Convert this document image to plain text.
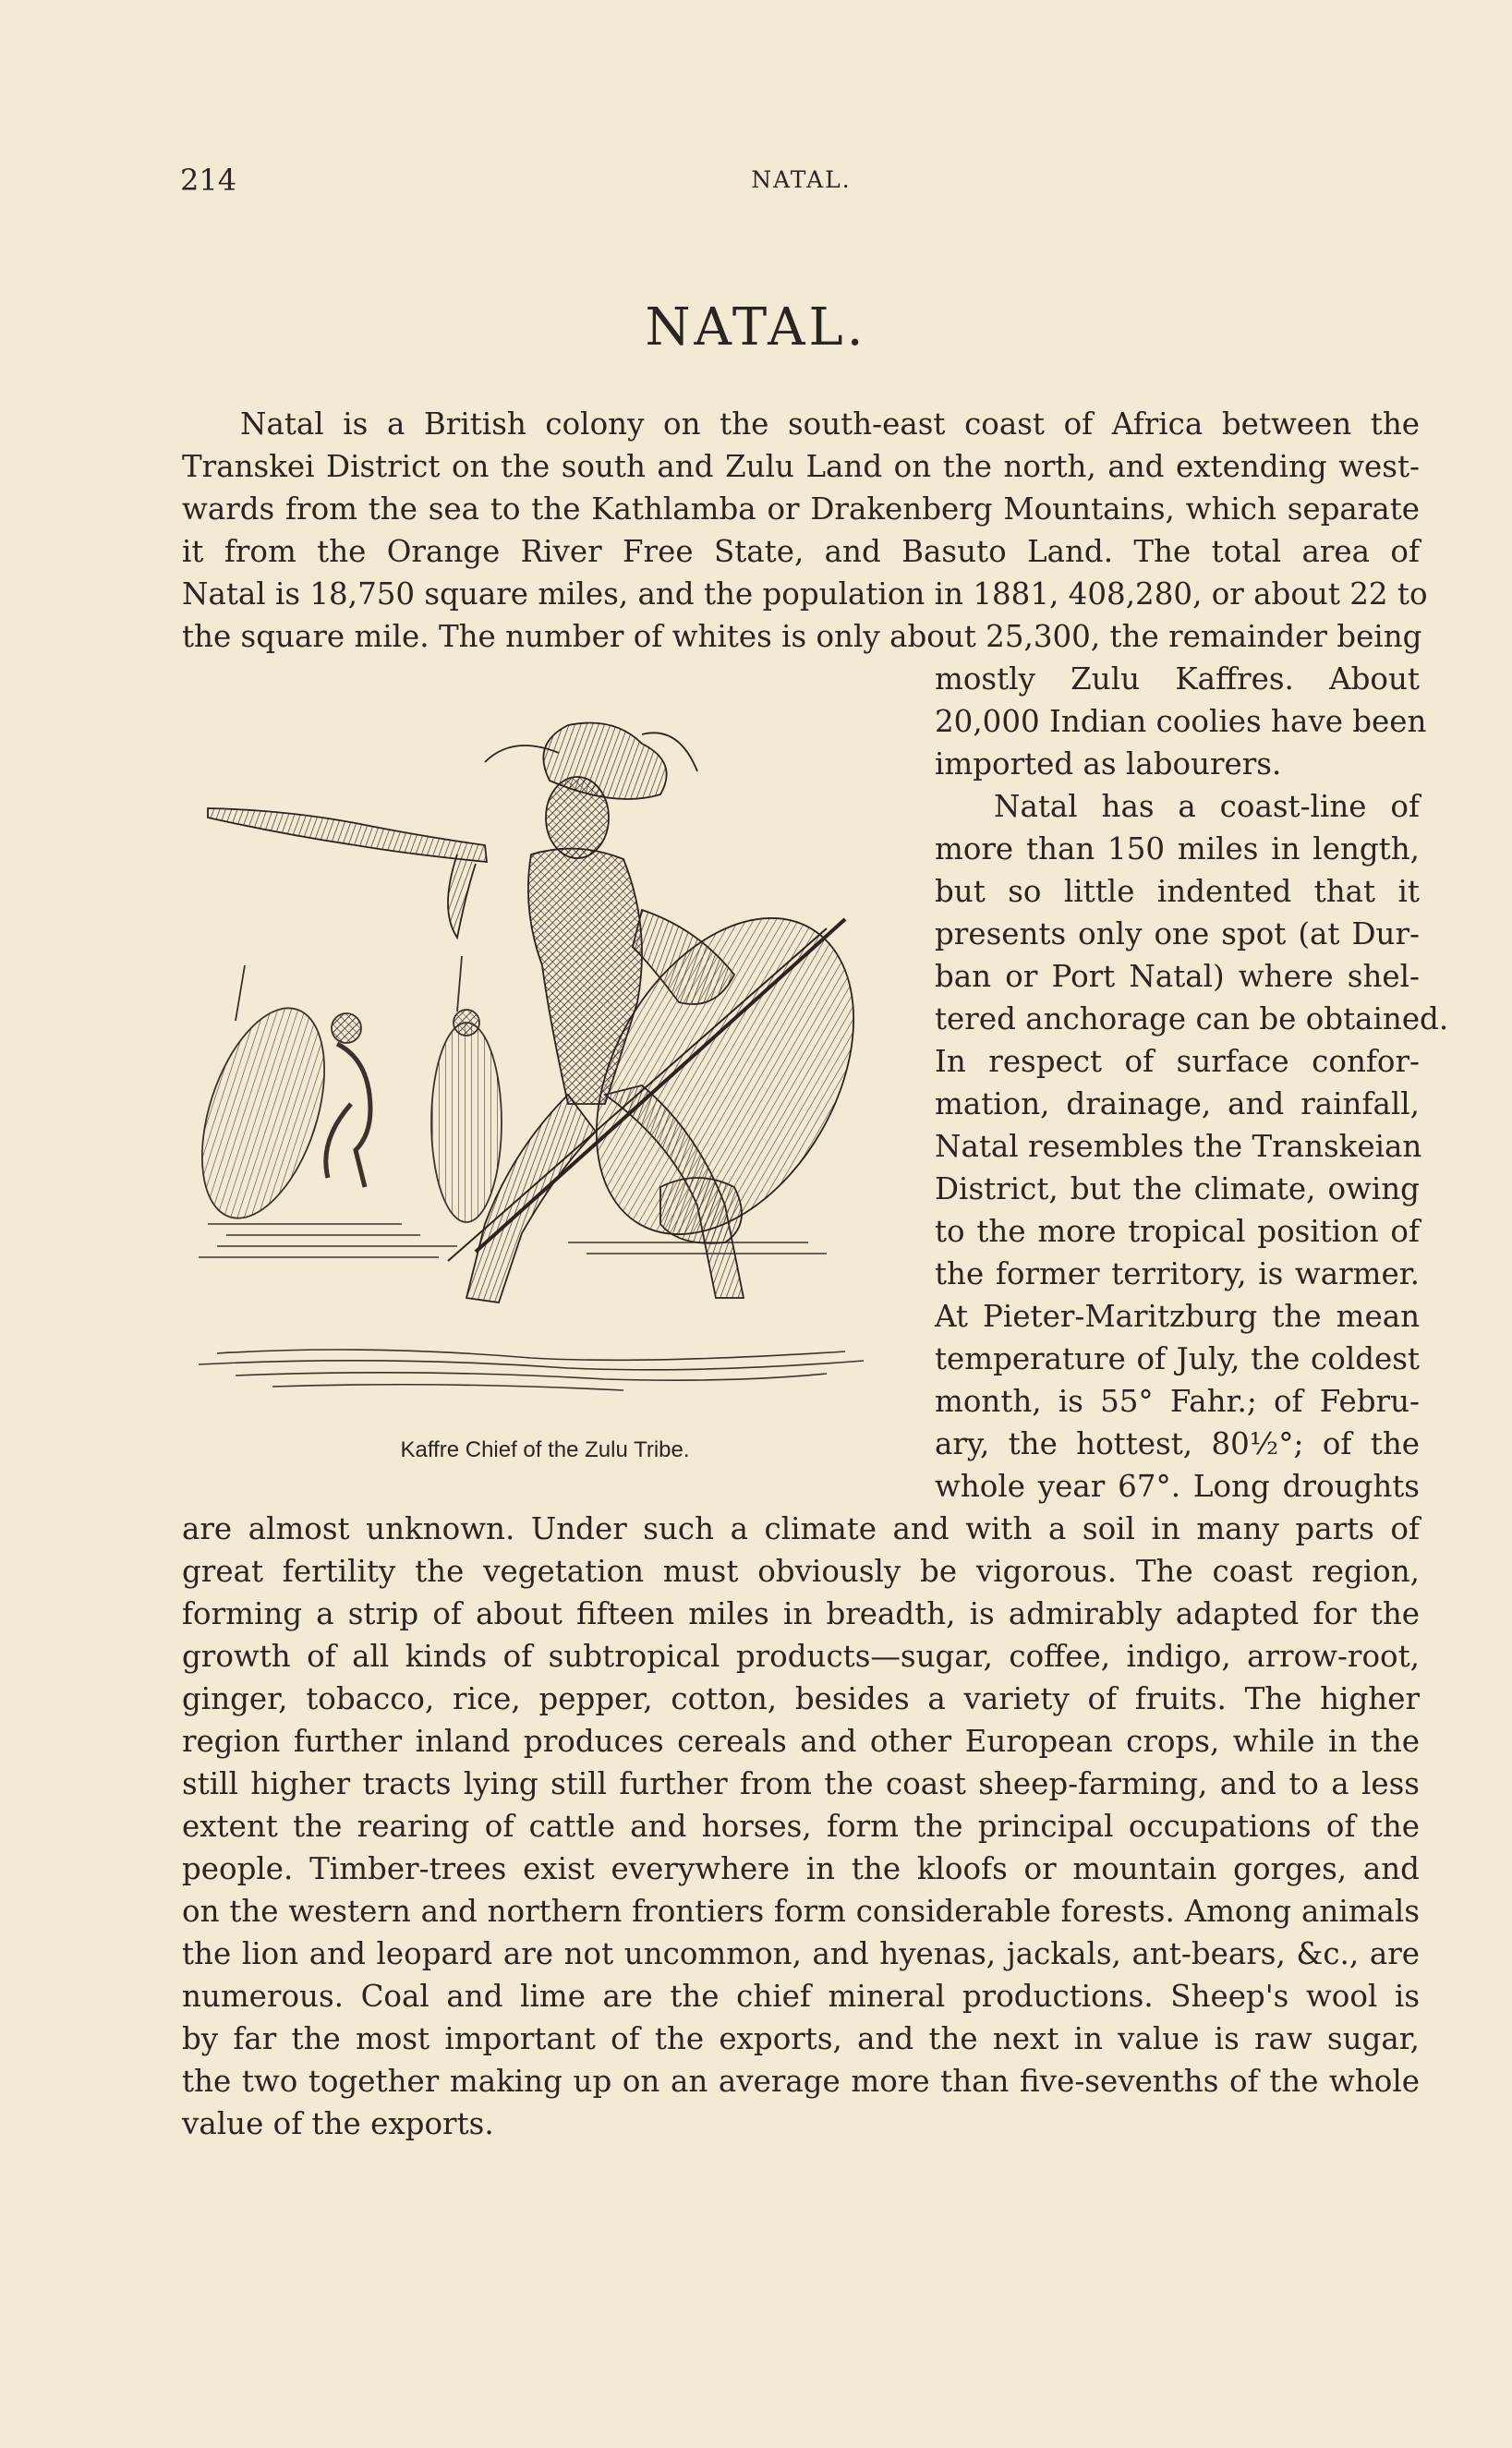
214	NATAL.
NATAL.
Natal is a British colony on the south-east coast of Africa between the
Transkei District on the south and Zulu Land on the north, and extending west-
wards from the sea to the Kathlamba or Drakenberg Mountains, which separate
it from the Orange River Free State, and Basuto Land. The total area of
Natal is 18,750 square miles, and the population in 1881, 408,280, or about 22 to
the square mile. The number of whites is only about 25,300, the remainder being
mostly Zulu Kaffres. About
20,000 Indian coolies have been
imported as labourers.
Natal has a coast-line of
more than 150 miles in length,
but so little indented that it
presents only one spot (at Dur-
ban or Port Natal) where shel-
tered anchorage can be obtained.
In respect of surface confor-
mation, drainage, and rainfall,
Natal resembles the Transkeian
District, but the climate, owing
to the more tropical position of
the former territory, is warmer.
At Pieter-Maritzburg the mean
temperature of July, the coldest
month, is 55° Fahr.; of Febru-
ary, the hottest, 80½°; of the
whole year 67°. Long droughts
are almost unknown. Under such a climate and with a soil in many parts of
great fertility the vegetation must obviously be vigorous. The coast region,
forming a strip of about fifteen miles in breadth, is admirably adapted for the
growth of all kinds of subtropical products—sugar, coffee, indigo, arrow-root,
ginger, tobacco, rice, pepper, cotton, besides a variety of fruits. The higher
region further inland produces cereals and other European crops, while in the
still higher tracts lying still further from the coast sheep-farming, and to a less
extent the rearing of cattle and horses, form the principal occupations of the
people. Timber-trees exist everywhere in the kloofs or mountain gorges, and
on the western and northern frontiers form considerable forests. Among animals
the lion and leopard are not uncommon, and hyenas, jackals, ant-bears, &c., are
numerous. Coal and lime are the chief mineral productions. Sheep's wool is
by far the most important of the exports, and the next in value is raw sugar,
the two together making up on an average more than five-sevenths of the whole
value of the exports.
Kaffre Chief of the Zulu Tribe.
